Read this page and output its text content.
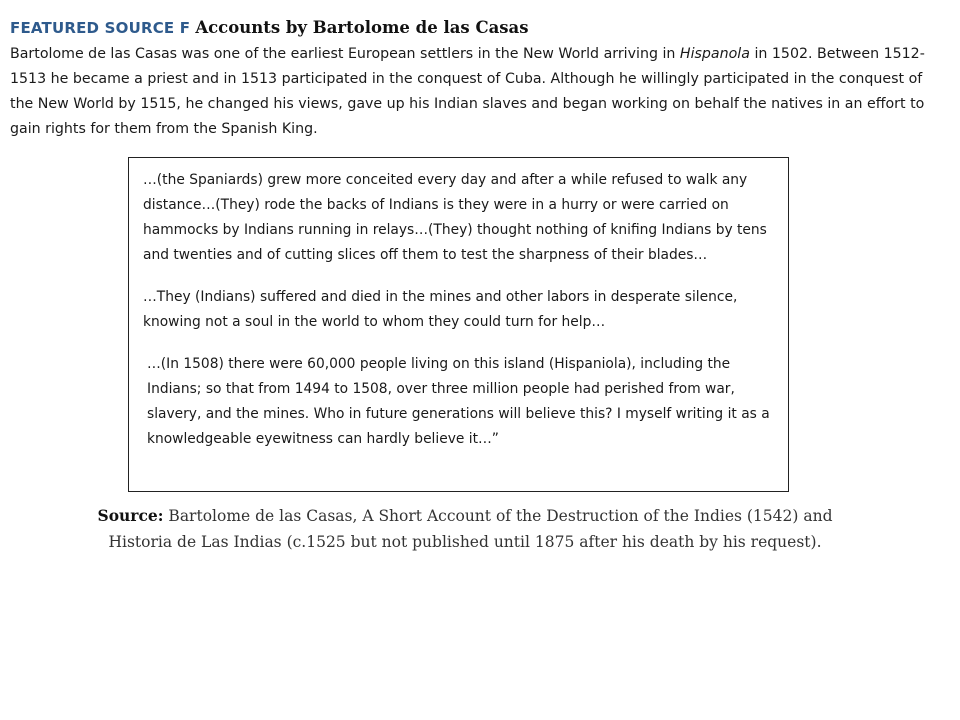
FEATURED SOURCE F Accounts by Bartolome de las Casas

Bartolome de las Casas was one of the earliest European settlers in the New World arriving in Hispanola in 1502. Between 1512-1513 he became a priest and in 1513 participated in the conquest of Cuba. Although he willingly participated in the conquest of the New World by 1515, he changed his views, gave up his Indian slaves and began working on behalf the natives in an effort to gain rights for them from the Spanish King.

…(the Spaniards) grew more conceited every day and after a while refused to walk any distance…(They) rode the backs of Indians is they were in a hurry or were carried on hammocks by Indians running in relays…(They) thought nothing of knifing Indians by tens and twenties and of cutting slices off them to test the sharpness of their blades…

…They (Indians) suffered and died in the mines and other labors in desperate silence, knowing not a soul in the world to whom they could turn for help…

…(In 1508) there were 60,000 people living on this island (Hispaniola), including the Indians; so that from 1494 to 1508, over three million people had perished from war, slavery, and the mines. Who in future generations will believe this? I myself writing it as a knowledgeable eyewitness can hardly believe it…”

Source: Bartolome de las Casas, A Short Account of the Destruction of the Indies (1542) and
Historia de Las Indias (c.1525 but not published until 1875 after his death by his request).
